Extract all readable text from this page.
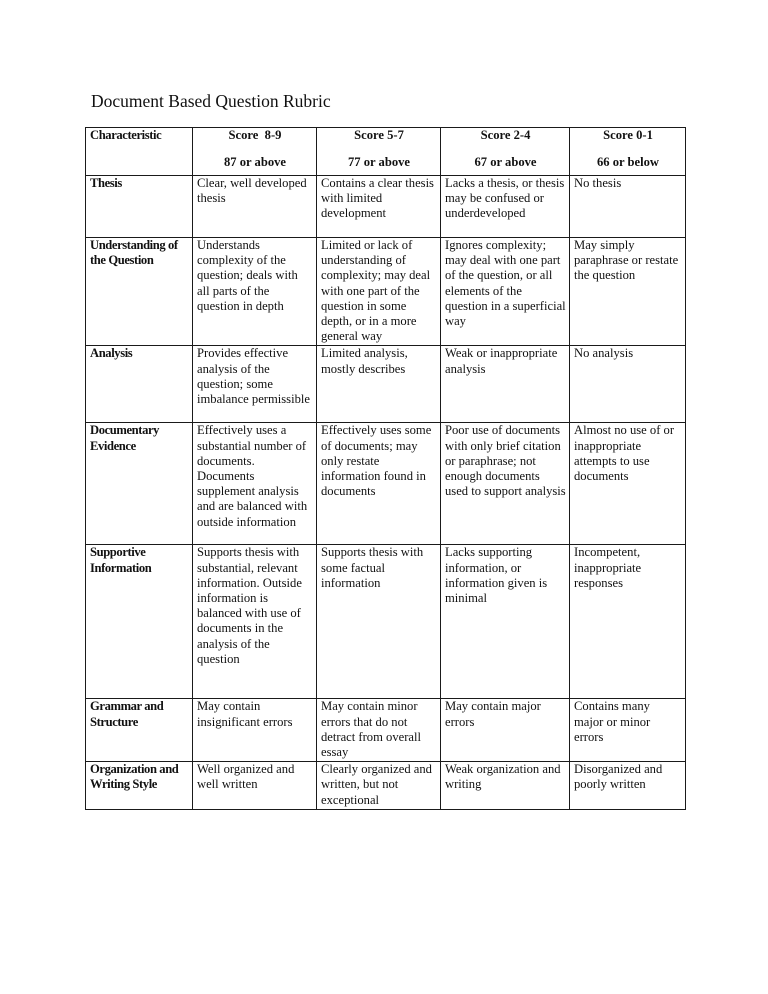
Document Based Question Rubric
Characteristic	Score  8-9	Score 5-7	Score 2-4	Score 0-1
	87 or above	77 or above	67 or above	66 or below
Thesis	Clear, well developed thesis	Contains a clear thesis with limited development	Lacks a thesis, or thesis may be confused or underdeveloped	No thesis
Understanding of the Question	Understands complexity of the question; deals with all parts of the question in depth	Limited or lack of understanding of complexity; may deal with one part of the question in some depth, or in a more general way	Ignores complexity; may deal with one part of the question, or all elements of the question in a superficial way	May simply paraphrase or restate the question
Analysis	Provides effective analysis of the question; some imbalance permissible	Limited analysis, mostly describes	Weak or inappropriate analysis	No analysis
Documentary Evidence	Effectively uses a substantial number of documents. Documents supplement analysis and are balanced with outside information	Effectively uses some of documents; may only restate information found in documents	Poor use of documents with only brief citation or paraphrase; not enough documents used to support analysis	Almost no use of or inappropriate attempts to use documents
Supportive Information	Supports thesis with substantial, relevant information. Outside information is balanced with use of documents in the analysis of the question	Supports thesis with some factual information	Lacks supporting information, or information given is minimal	Incompetent, inappropriate responses
Grammar and Structure	May contain insignificant errors	May contain minor errors that do not detract from overall essay	May contain major errors	Contains many major or minor errors
Organization and Writing Style	Well organized and well written	Clearly organized and written, but not exceptional	Weak organization and writing	Disorganized and poorly written
